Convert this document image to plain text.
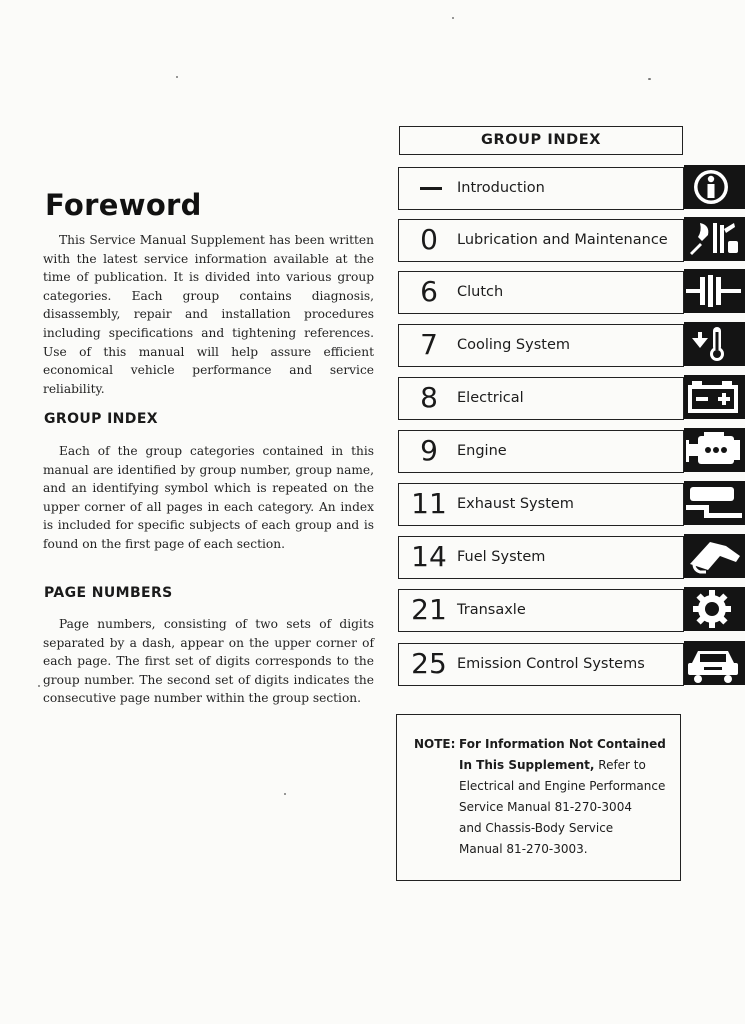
Foreword

This Service Manual Supplement has been written with the latest service information available at the time of publication. It is divided into various group categories. Each group contains diagnosis, disassembly, repair and installation procedures including specifications and tightening references. Use of this manual will help assure efficient economical vehicle performance and service reliability.

GROUP INDEX

Each of the group categories contained in this manual are identified by group number, group name, and an identifying symbol which is repeated on the upper corner of all pages in each category. An index is included for specific subjects of each group and is found on the first page of each section.

PAGE NUMBERS

Page numbers, consisting of two sets of digits separated by a dash, appear on the upper corner of each page. The first set of digits corresponds to the group number. The second set of digits indicates the consecutive page number within the group section.

GROUP INDEX
Introduction
0	Lubrication and Maintenance
6	Clutch
7	Cooling System
8	Electrical
9	Engine
11 Exhaust System
14 Fuel System
21 Transaxle
25 Emission Control Systems
NOTE: For Information Not Contained
In This Supplement, Refer to
Electrical and Engine Performance
Service Manual 81-270-3004
and Chassis-Body Service
Manual 81-270-3003.
